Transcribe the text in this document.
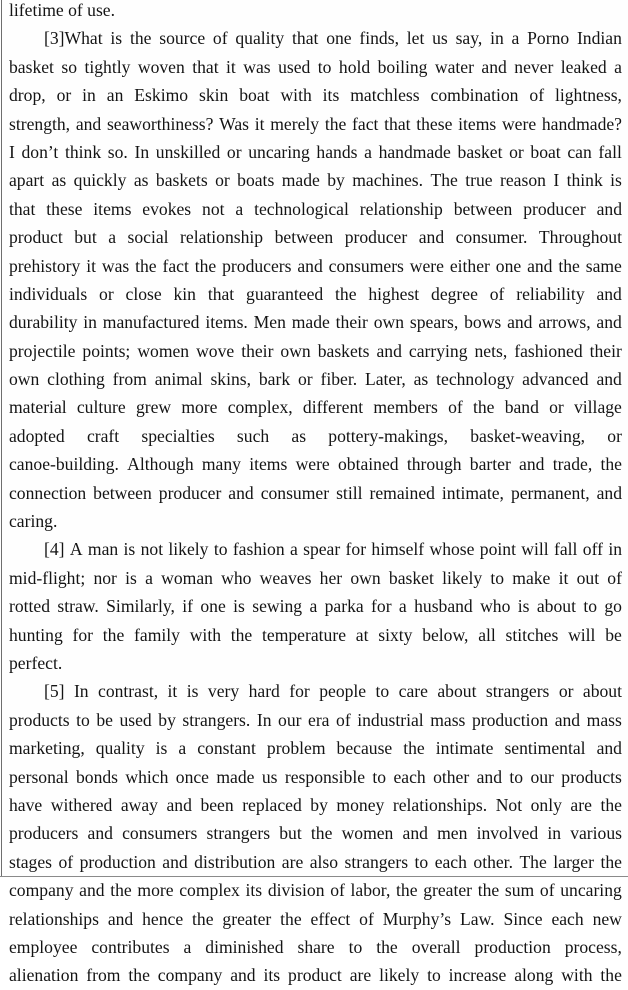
lifetime of use.
[3]What is the source of quality that one finds, let us say, in a Porno Indian
basket so tightly woven that it was used to hold boiling water and never leaked a
drop, or in an Eskimo skin boat with its matchless combination of lightness,
strength, and seaworthiness? Was it merely the fact that these items were handmade?
I don’t think so. In unskilled or uncaring hands a handmade basket or boat can fall
apart as quickly as baskets or boats made by machines. The true reason I think is
that these items evokes not a technological relationship between producer and
product but a social relationship between producer and consumer. Throughout
prehistory it was the fact the producers and consumers were either one and the same
individuals or close kin that guaranteed the highest degree of reliability and
durability in manufactured items. Men made their own spears, bows and arrows, and
projectile points; women wove their own baskets and carrying nets, fashioned their
own clothing from animal skins, bark or fiber. Later, as technology advanced and
material culture grew more complex, different members of the band or village
adopted craft specialties such as pottery-makings, basket-weaving, or
canoe-building. Although many items were obtained through barter and trade, the
connection between producer and consumer still remained intimate, permanent, and
caring.
[4] A man is not likely to fashion a spear for himself whose point will fall off in
mid-flight; nor is a woman who weaves her own basket likely to make it out of
rotted straw. Similarly, if one is sewing a parka for a husband who is about to go
hunting for the family with the temperature at sixty below, all stitches will be
perfect.
[5] In contrast, it is very hard for people to care about strangers or about
products to be used by strangers. In our era of industrial mass production and mass
marketing, quality is a constant problem because the intimate sentimental and
personal bonds which once made us responsible to each other and to our products
have withered away and been replaced by money relationships. Not only are the
producers and consumers strangers but the women and men involved in various
stages of production and distribution are also strangers to each other. The larger the
company and the more complex its division of labor, the greater the sum of uncaring
relationships and hence the greater the effect of Murphy’s Law. Since each new
employee contributes a diminished share to the overall production process,
alienation from the company and its product are likely to increase along with the
